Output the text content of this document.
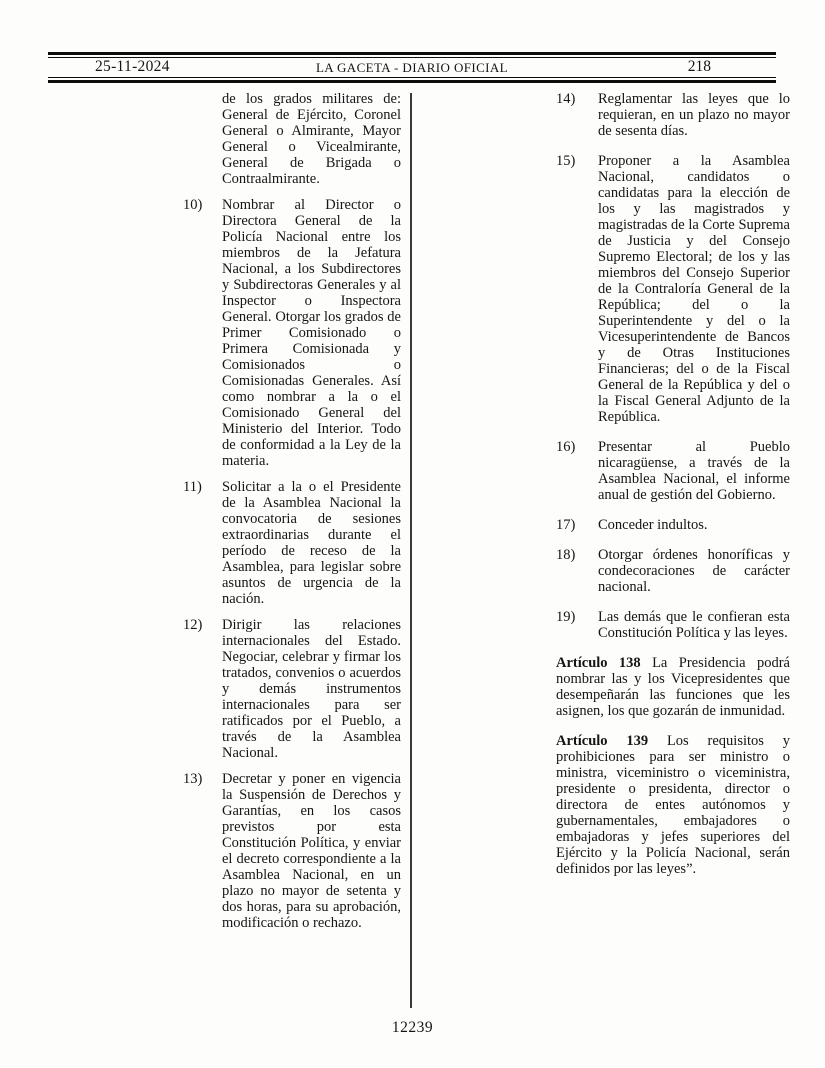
25-11-2024	LA GACETA - DIARIO OFICIAL	218

de los grados militares de: General de Ejército, Coronel General o Almirante, Mayor General o Vicealmirante, General de Brigada o Contraalmirante.

10)	Nombrar al Director o Directora General de la Policía Nacional entre los miembros de la Jefatura Nacional, a los Subdirectores y Subdirectoras Generales y al Inspector o Inspectora General. Otorgar los grados de Primer Comisionado o Primera Comisionada y Comisionados o Comisionadas Generales. Así como nombrar a la o el Comisionado General del Ministerio del Interior. Todo de conformidad a la Ley de la materia.
11)	Solicitar a la o el Presidente de la Asamblea Nacional la convocatoria de sesiones extraordinarias durante el período de receso de la Asamblea, para legislar sobre asuntos de urgencia de la nación.
12)	Dirigir las relaciones internacionales del Estado. Negociar, celebrar y firmar los tratados, convenios o acuerdos y demás instrumentos internacionales para ser ratificados por el Pueblo, a través de la Asamblea Nacional.
13)	Decretar y poner en vigencia la Suspensión de Derechos y Garantías, en los casos previstos por esta Constitución Política, y enviar el decreto correspondiente a la Asamblea Nacional, en un plazo no mayor de setenta y dos horas, para su aprobación, modificación o rechazo.
14)	Reglamentar las leyes que lo requieran, en un plazo no mayor de sesenta días.
15)	Proponer a la Asamblea Nacional, candidatos o candidatas para la elección de los y las magistrados y magistradas de la Corte Suprema de Justicia y del Consejo Supremo Electoral; de los y las miembros del Consejo Superior de la Contraloría General de la República; del o la Superintendente y del o la Vicesuperintendente de Bancos y de Otras Instituciones Financieras; del o de la Fiscal General de la República y del o la Fiscal General Adjunto de la República.
16)	Presentar al Pueblo nicaragüense, a través de la Asamblea Nacional, el informe anual de gestión del Gobierno.
17)	Conceder indultos.
18)	Otorgar órdenes honoríficas y condecoraciones de carácter nacional.
19)	Las demás que le confieran esta Constitución Política y las leyes.

Artículo 138 La Presidencia podrá nombrar las y los Vicepresidentes que desempeñarán las funciones que les asignen, los que gozarán de inmunidad.

Artículo 139 Los requisitos y prohibiciones para ser ministro o ministra, viceministro o viceministra, presidente o presidenta, director o directora de entes autónomos y gubernamentales, embajadores o embajadoras y jefes superiores del Ejército y la Policía Nacional, serán definidos por las leyes”.

12239
